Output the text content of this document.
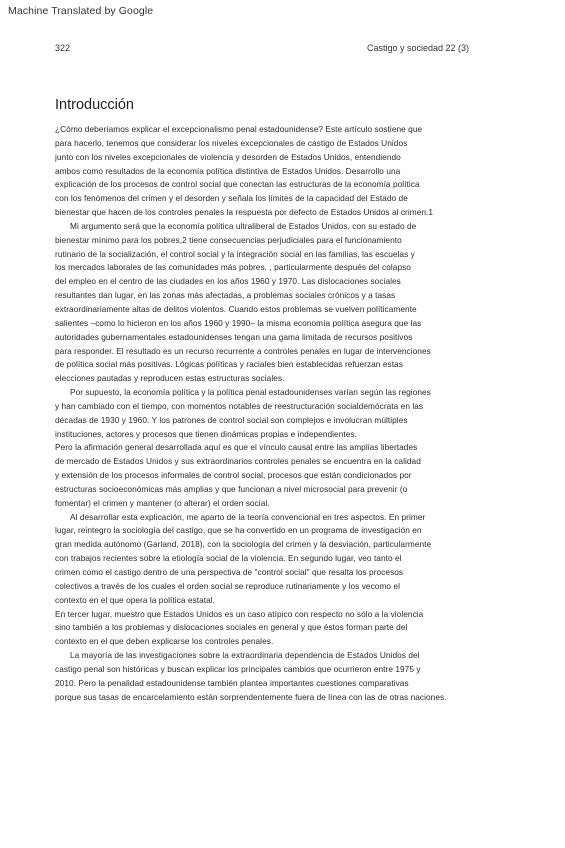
Machine Translated by Google
322	Castigo y sociedad 22 (3)
Introducción
¿Cómo deberíamos explicar el excepcionalismo penal estadounidense? Este artículo sostiene que
para hacerlo, tenemos que considerar los niveles excepcionales de castigo de Estados Unidos
junto con los niveles excepcionales de violencia y desorden de Estados Unidos, entendiendo
ambos como resultados de la economía política distintiva de Estados Unidos. Desarrollo una
explicación de los procesos de control social que conectan las estructuras de la economía política
con los fenómenos del crimen y el desorden y señala los límites de la capacidad del Estado de
bienestar que hacen de los controles penales la respuesta por defecto de Estados Unidos al crimen.1
Mi argumento será que la economía política ultraliberal de Estados Unidos, con su estado de
bienestar mínimo para los pobres,2 tiene consecuencias perjudiciales para el funcionamiento
rutinario de la socialización, el control social y la integración social en las familias, las escuelas y
los mercados laborales de las comunidades más pobres. , particularmente después del colapso
del empleo en el centro de las ciudades en los años 1960 y 1970. Las dislocaciones sociales
resultantes dan lugar, en las zonas más afectadas, a problemas sociales crónicos y a tasas
extraordinariamente altas de delitos violentos. Cuando estos problemas se vuelven políticamente
salientes –como lo hicieron en los años 1960 y 1990– la misma economía política asegura que las
autoridades gubernamentales estadounidenses tengan una gama limitada de recursos positivos
para responder. El resultado es un recurso recurrente a controles penales en lugar de intervenciones
de política social más positivas. Lógicas políticas y raciales bien establecidas refuerzan estas
elecciones pautadas y reproducen estas estructuras sociales.
Por supuesto, la economía política y la política penal estadounidenses varían según las regiones
y han cambiado con el tiempo, con momentos notables de reestructuración socialdemócrata en las
décadas de 1930 y 1960. Y los patrones de control social son complejos e involucran múltiples
instituciones, actores y procesos que tienen dinámicas propias e independientes.
Pero la afirmación general desarrollada aquí es que el vínculo causal entre las amplias libertades
de mercado de Estados Unidos y sus extraordinarios controles penales se encuentra en la calidad
y extensión de los procesos informales de control social, procesos que están condicionados por
estructuras socioeconómicas más amplias y que funcionan a nivel microsocial para prevenir (o
fomentar) el crimen y mantener (o alterar) el orden social.
Al desarrollar esta explicación, me aparto de la teoría convencional en tres aspectos. En primer
lugar, reintegro la sociología del castigo, que se ha convertido en un programa de investigación en
gran medida autónomo (Garland, 2018), con la sociología del crimen y la desviación, particularmente
con trabajos recientes sobre la etiología social de la violencia. En segundo lugar, veo tanto el
crimen como el castigo dentro de una perspectiva de "control social" que resalta los procesos
colectivos a través de los cuales el orden social se reproduce rutinariamente y los vecomo el
contexto en el que opera la política estatal.
En tercer lugar, muestro que Estados Unidos es un caso atípico con respecto no sólo a la violencia
sino también a los problemas y dislocaciones sociales en general y que éstos forman parte del
contexto en el que deben explicarse los controles penales.
La mayoría de las investigaciones sobre la extraordinaria dependencia de Estados Unidos del
castigo penal son históricas y buscan explicar los principales cambios que ocurrieron entre 1975 y
2010. Pero la penalidad estadounidense también plantea importantes cuestiones comparativas
porque sus tasas de encarcelamiento están sorprendentemente fuera de línea con las de otras naciones.
